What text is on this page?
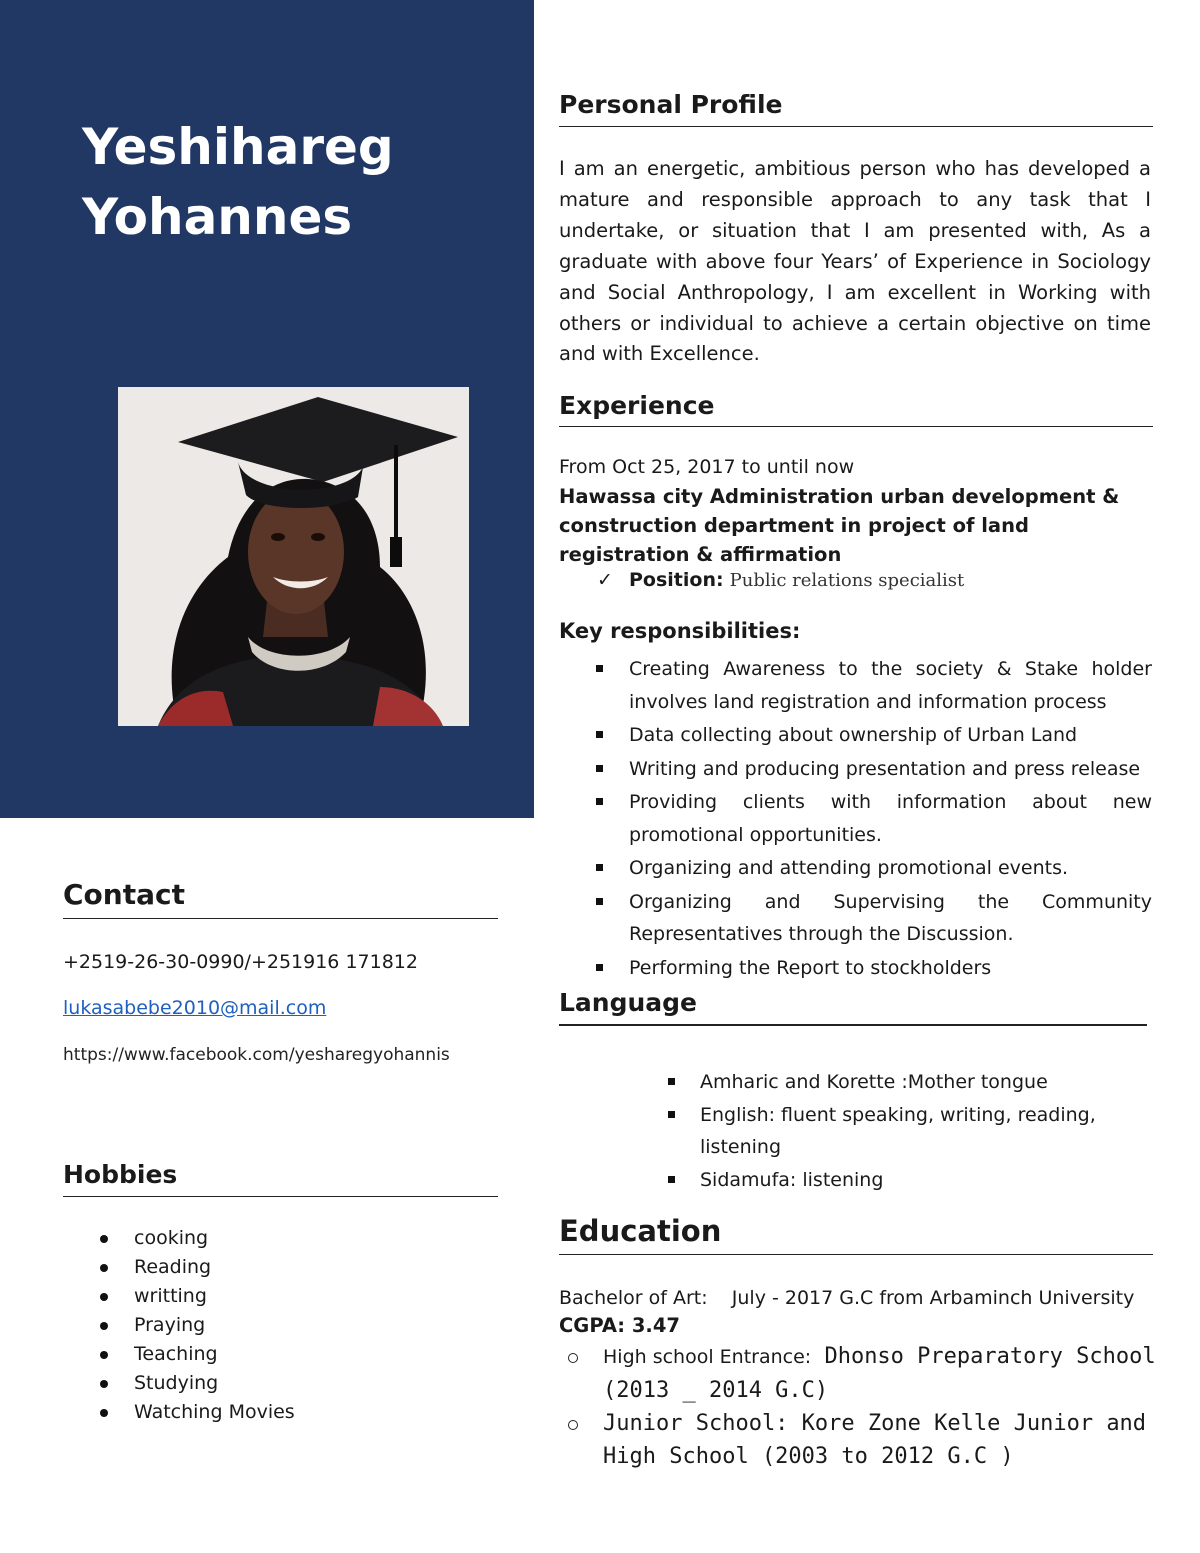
Yeshihareg
Yohannes
Contact
+2519-26-30-0990/+251916 171812
lukasabebe2010@mail.com
https://www.facebook.com/yesharegyohannis
Hobbies
cooking
Reading
writting
Praying
Teaching
Studying
Watching Movies
Personal Profile

I am an energetic, ambitious person who has developed a mature and responsible approach to any task that I undertake, or situation that I am presented with, As a graduate with above four Years’ of Experience in Sociology and Social Anthropology, I am excellent in Working with others or individual to achieve a certain objective on time and with Excellence.

Experience
From Oct 25, 2017 to until now

Hawassa city Administration urban development & construction department in project of land registration & affirmation

✓ Position: Public relations specialist
Key responsibilities:
Creating Awareness to the society & Stake holder involves land registration and information process
Data collecting about ownership of Urban Land
Writing and producing presentation and press release
Providing clients with information about new promotional opportunities.
Organizing and attending promotional events.
Organizing and Supervising the Community Representatives through the Discussion.
Performing the Report to stockholders
Language
Amharic and Korette :Mother tongue
English: fluent speaking, writing, reading, listening
Sidamufa: listening
Education
Bachelor of Art:    July - 2017 G.C from Arbaminch University
CGPA: 3.47
High school Entrance: Dhonso Preparatory School (2013 _ 2014 G.C)
Junior School: Kore Zone Kelle Junior and High School (2003 to 2012 G.C )
